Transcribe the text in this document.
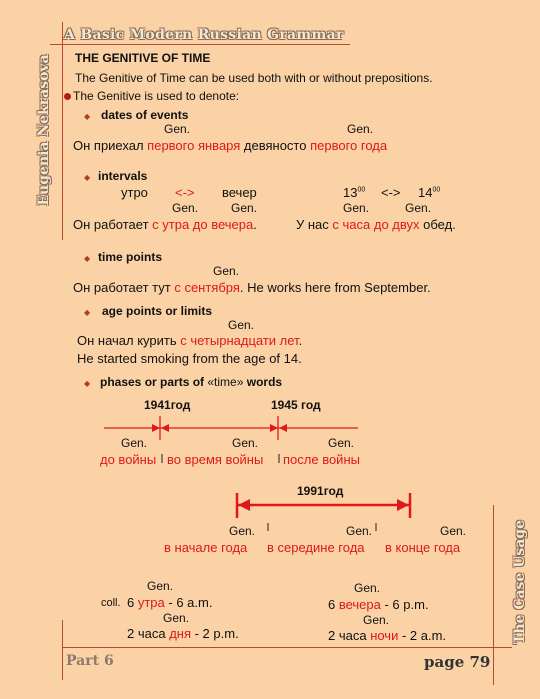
A Basic Modern Russian Grammar
Eugenia Nekrasova
The Case Usage
Part 6	page 79
THE GENITIVE OF TIME
The Genitive of Time can be used both with or without prepositions.
The Genitive is used to denote:
◆ dates of events
Gen.	Gen.
Он приехал первого января девяносто первого года
◆ intervals
утро <-> вечер	$13^{00}$ <-> $14^{00}$
Gen.	Gen.	Gen.	Gen.
Он работает с утра до вечера.	У нас с часа до двух обед.
◆ time points
Gen.
Он работает тут с сентября. He works here from September.
◆ age points or limits
Gen.
Он начал курить с четырнадцати лет.
He started smoking from the age of 14.
◆ phases or parts of «time» words
1941год	1945 год
Gen.	Gen.	Gen.
до войны во время войны после войны
1991год
Gen.	Gen.	Gen.
в начале года в середине года в конце года
Gen.
coll. 6 утра - 6 a.m.
Gen.
2 часа дня - 2 p.m.
Gen.
6 вечера - 6 p.m.
Gen.
2 часа ночи - 2 a.m.
